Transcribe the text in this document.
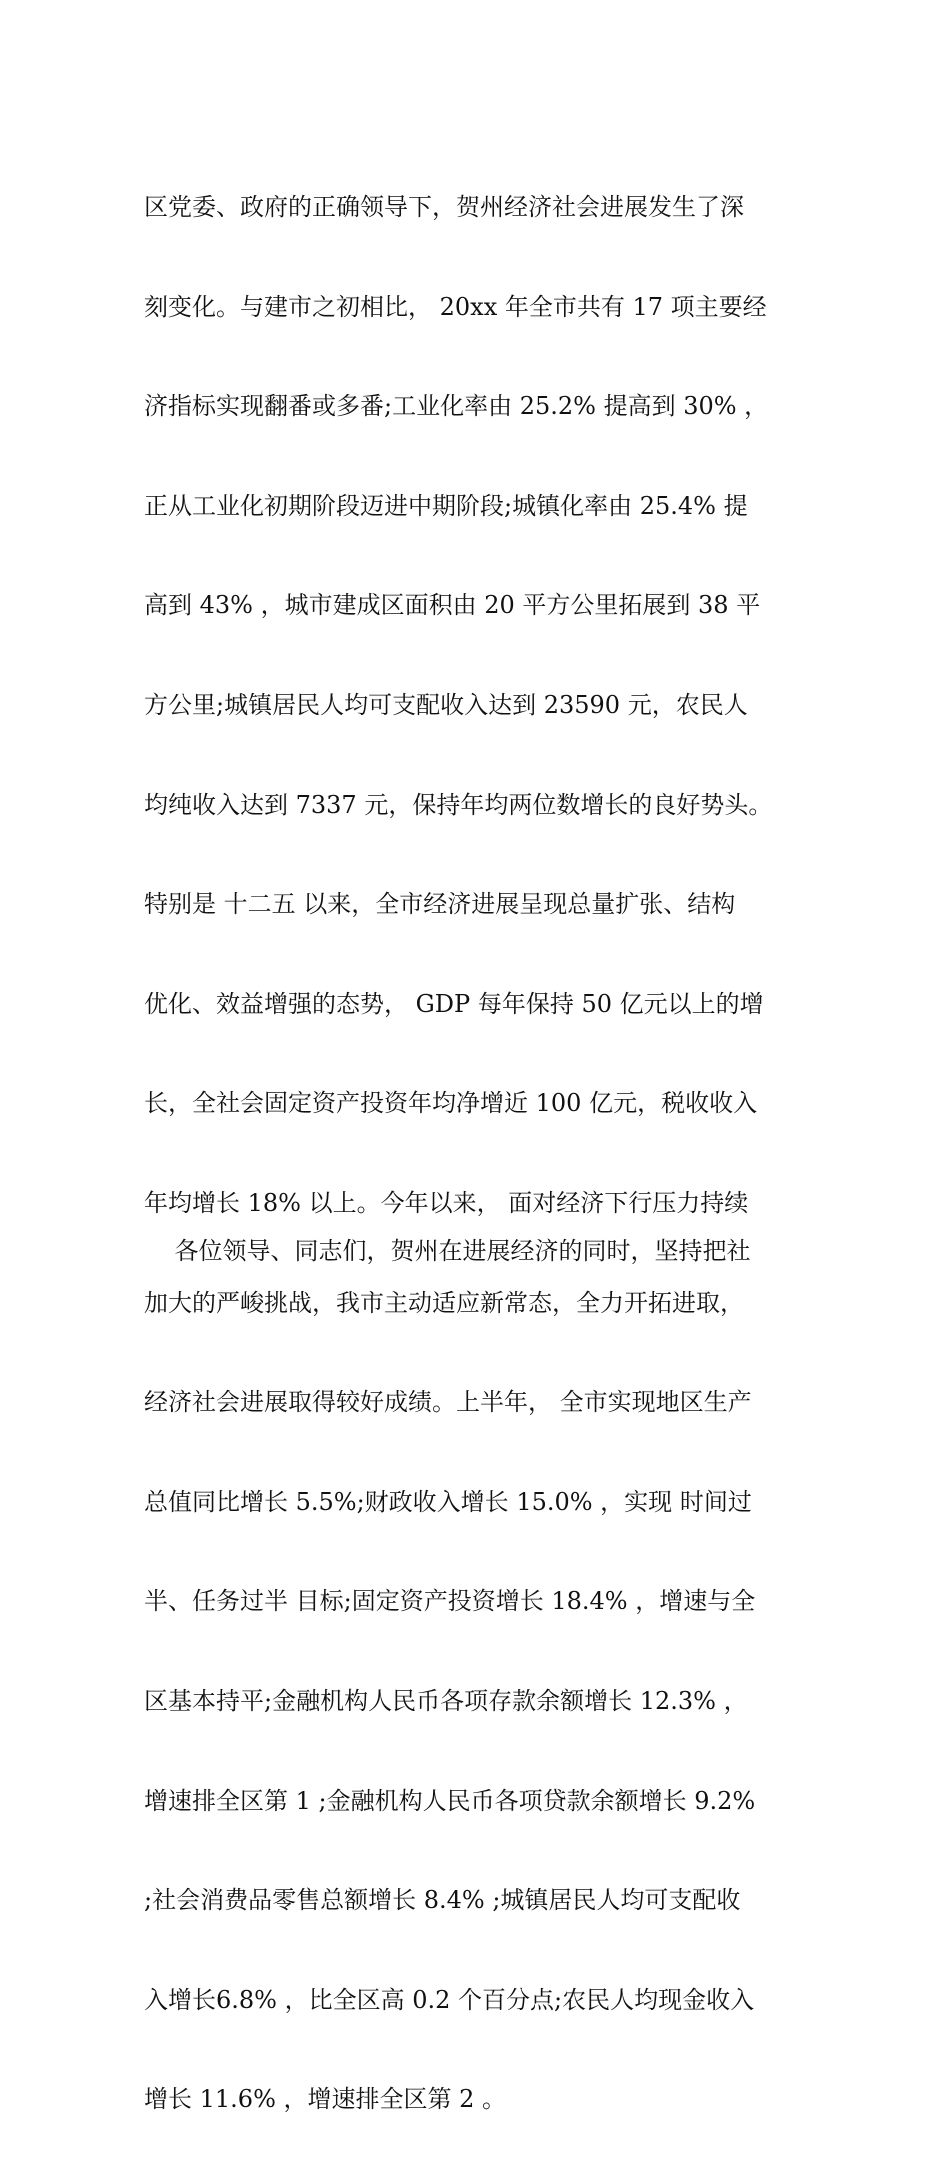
区党委、政府的正确领导下，贺州经济社会进展发生了深

刻变化。与建市之初相比， 20xx 年全市共有 17 项主要经

济指标实现翻番或多番;工业化率由 25.2% 提高到 30% ，

正从工业化初期阶段迈进中期阶段;城镇化率由 25.4% 提

高到 43% ，城市建成区面积由 20 平方公里拓展到 38 平

方公里;城镇居民人均可支配收入达到 23590 元，农民人

均纯收入达到 7337 元，保持年均两位数增长的良好势头。

特别是 十二五 以来，全市经济进展呈现总量扩张、结构

优化、效益增强的态势， GDP 每年保持 50 亿元以上的增

长，全社会固定资产投资年均净增近 100 亿元，税收收入

年均增长 18% 以上。今年以来， 面对经济下行压力持续

加大的严峻挑战，我市主动适应新常态，全力开拓进取，

经济社会进展取得较好成绩。上半年， 全市实现地区生产

总值同比增长 5.5%;财政收入增长 15.0% ，实现 时间过

半、任务过半 目标;固定资产投资增长 18.4% ，增速与全

区基本持平;金融机构人民币各项存款余额增长 12.3% ，

增速排全区第 1 ;金融机构人民币各项贷款余额增长 9.2%

;社会消费品零售总额增长 8.4% ;城镇居民人均可支配收

入增长6.8% ，比全区高 0.2 个百分点;农民人均现金收入

增长 11.6% ，增速排全区第 2 。

各位领导、同志们，贺州在进展经济的同时，坚持把社
